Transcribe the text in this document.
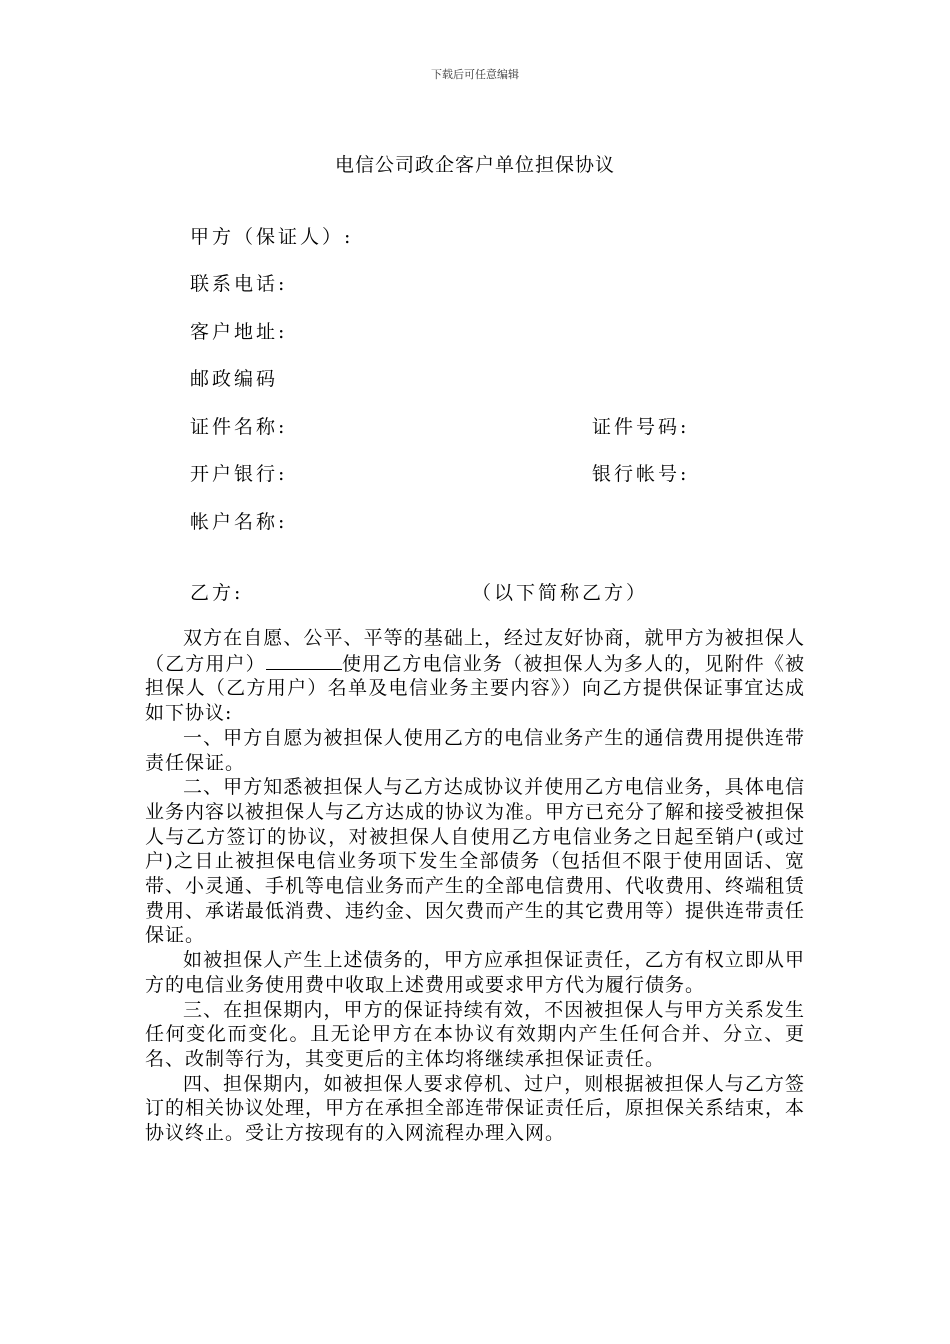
下载后可任意编辑
电信公司政企客户单位担保协议
甲方（保证人）:
联系电话:
客户地址:
邮政编码
证件名称:	证件号码:
开户银行:	银行帐号:
帐户名称:
乙方:	（以下简称乙方）

双方在自愿、公平、平等的基础上，经过友好协商，就甲方为被担保人（乙方用户）	使用乙方电信业务（被担保人为多人的，见附件《被担保人（乙方用户）名单及电信业务主要内容》）向乙方提供保证事宜达成如下协议:

一、甲方自愿为被担保人使用乙方的电信业务产生的通信费用提供连带责任保证。

二、甲方知悉被担保人与乙方达成协议并使用乙方电信业务，具体电信业务内容以被担保人与乙方达成的协议为准。甲方已充分了解和接受被担保人与乙方签订的协议，对被担保人自使用乙方电信业务之日起至销户(或过户)之日止被担保电信业务项下发生全部债务（包括但不限于使用固话、宽带、小灵通、手机等电信业务而产生的全部电信费用、代收费用、终端租赁费用、承诺最低消费、违约金、因欠费而产生的其它费用等）提供连带责任保证。

如被担保人产生上述债务的，甲方应承担保证责任，乙方有权立即从甲方的电信业务使用费中收取上述费用或要求甲方代为履行债务。

三、在担保期内，甲方的保证持续有效，不因被担保人与甲方关系发生任何变化而变化。且无论甲方在本协议有效期内产生任何合并、分立、更名、改制等行为，其变更后的主体均将继续承担保证责任。

四、担保期内，如被担保人要求停机、过户，则根据被担保人与乙方签订的相关协议处理，甲方在承担全部连带保证责任后，原担保关系结束，本协议终止。受让方按现有的入网流程办理入网。
